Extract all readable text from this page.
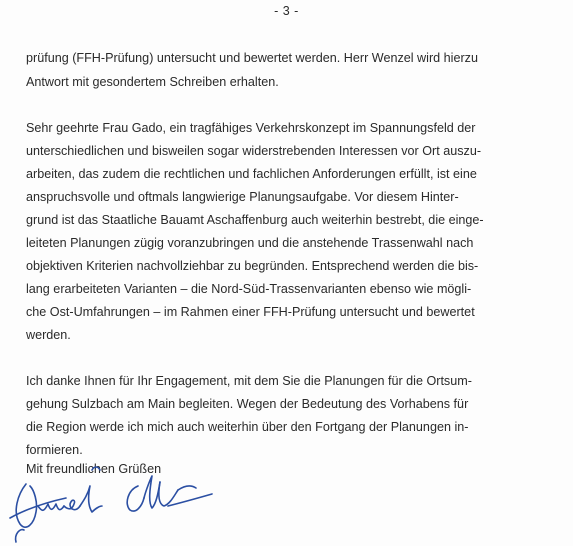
- 3 -
prüfung (FFH-Prüfung) untersucht und bewertet werden. Herr Wenzel wird hierzu
Antwort mit gesondertem Schreiben erhalten.
Sehr geehrte Frau Gado, ein tragfähiges Verkehrskonzept im Spannungsfeld der
unterschiedlichen und bisweilen sogar widerstrebenden Interessen vor Ort auszu-
arbeiten, das zudem die rechtlichen und fachlichen Anforderungen erfüllt, ist eine
anspruchsvolle und oftmals langwierige Planungsaufgabe. Vor diesem Hinter-
grund ist das Staatliche Bauamt Aschaffenburg auch weiterhin bestrebt, die einge-
leiteten Planungen zügig voranzubringen und die anstehende Trassenwahl nach
objektiven Kriterien nachvollziehbar zu begründen. Entsprechend werden die bis-
lang erarbeiteten Varianten – die Nord-Süd-Trassenvarianten ebenso wie mögli-
che Ost-Umfahrungen – im Rahmen einer FFH-Prüfung untersucht und bewertet
werden.
Ich danke Ihnen für Ihr Engagement, mit dem Sie die Planungen für die Ortsum-
gehung Sulzbach am Main begleiten. Wegen der Bedeutung des Vorhabens für
die Region werde ich mich auch weiterhin über den Fortgang der Planungen in-
formieren.
Mit freundlichen Grüßen
